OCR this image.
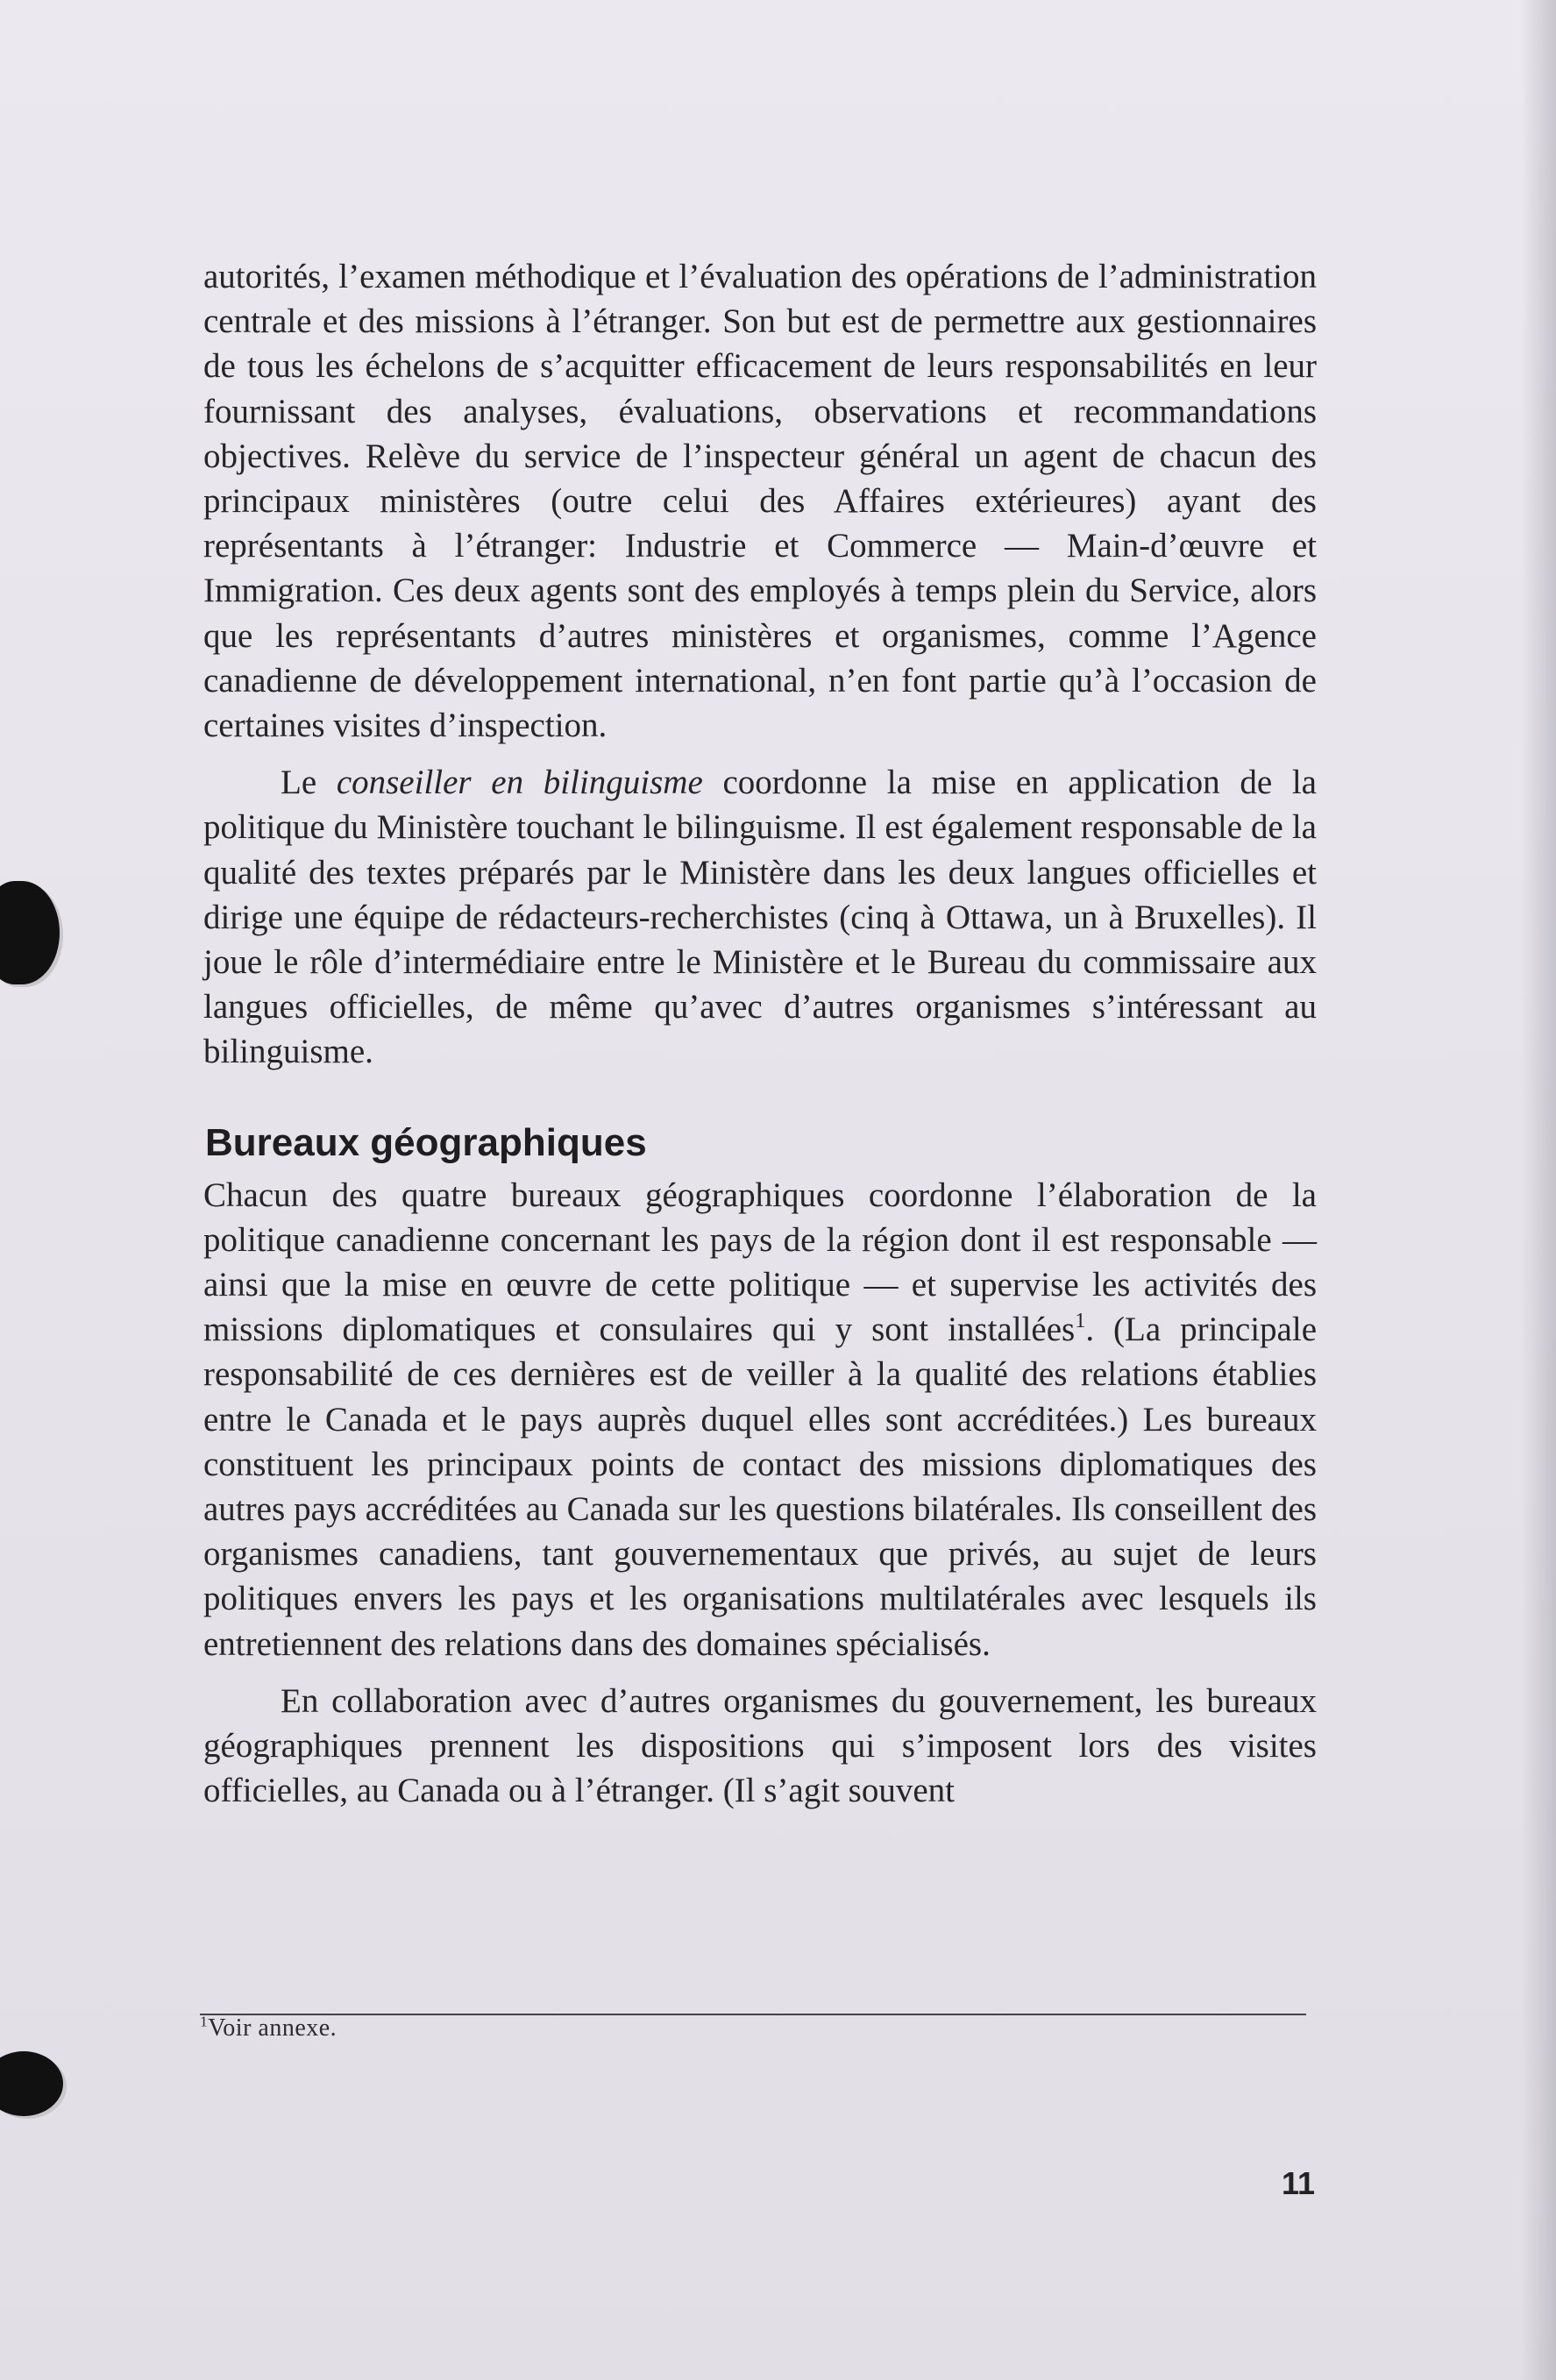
autorités, l’examen méthodique et l’évaluation des opérations de l’administration centrale et des missions à l’étranger. Son but est de permettre aux gestionnaires de tous les échelons de s’acquitter efficacement de leurs responsabilités en leur fournissant des analyses, évaluations, observations et recommandations objectives. Relève du service de l’inspecteur général un agent de chacun des principaux ministères (outre celui des Affaires extérieures) ayant des représentants à l’étranger: Industrie et Commerce — Main-d’œuvre et Immigration. Ces deux agents sont des employés à temps plein du Service, alors que les représentants d’autres ministères et organismes, comme l’Agence canadienne de développement international, n’en font partie qu’à l’occasion de certaines visites d’inspection.

Le conseiller en bilinguisme coordonne la mise en application de la politique du Ministère touchant le bilinguisme. Il est également responsable de la qualité des textes préparés par le Ministère dans les deux langues officielles et dirige une équipe de rédacteurs-recherchistes (cinq à Ottawa, un à Bruxelles). Il joue le rôle d’intermédiaire entre le Ministère et le Bureau du commissaire aux langues officielles, de même qu’avec d’autres organismes s’intéressant au bilinguisme.

Bureaux géographiques

Chacun des quatre bureaux géographiques coordonne l’élaboration de la politique canadienne concernant les pays de la région dont il est responsable — ainsi que la mise en œuvre de cette politique — et supervise les activités des missions diplomatiques et consulaires qui y sont installées$^1$. (La principale responsabilité de ces dernières est de veiller à la qualité des relations établies entre le Canada et le pays auprès duquel elles sont accréditées.) Les bureaux constituent les principaux points de contact des missions diplomatiques des autres pays accréditées au Canada sur les questions bilatérales. Ils conseillent des organismes canadiens, tant gouvernementaux que privés, au sujet de leurs politiques envers les pays et les organisations multilatérales avec lesquels ils entretiennent des relations dans des domaines spécialisés.

En collaboration avec d’autres organismes du gouvernement, les bureaux géographiques prennent les dispositions qui s’imposent lors des visites officielles, au Canada ou à l’étranger. (Il s’agit souvent

$^1$Voir annexe.
11
